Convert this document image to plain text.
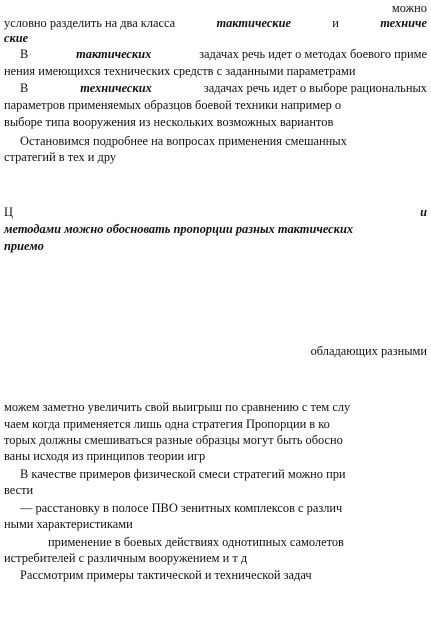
можно
условно разделить на два класса	тактические	и	техниче
ские
В	тактических	задачах речь идет о методах боевого приме
нения имеющихся технических средств с заданными параметрами
В	технических	задачах речь идет о выборе рациональных
параметров применяемых образцов боевой техники например о
выборе типа вооружения из нескольких возможных вариантов
Остановимся подробнее на вопросах применения смешанных
стратегий в тех и дру
Ц	и
методами можно обосновать пропорции разных тактических
приемо
обладающих разными
можем заметно увеличить свой выигрыш по сравнению с тем слу
чаем когда применяется лишь одна стратегия Пропорции в ко
торых должны смешиваться разные образцы могут быть обосно
ваны исходя из принципов теории игр
В качестве примеров физической смеси стратегий можно при
вести
— расстановку в полосе ПВО зенитных комплексов с различ
ными характеристиками
применение в боевых действиях однотипных самолетов
истребителей с различным вооружением и т д
Рассмотрим примеры тактической и технической задач
